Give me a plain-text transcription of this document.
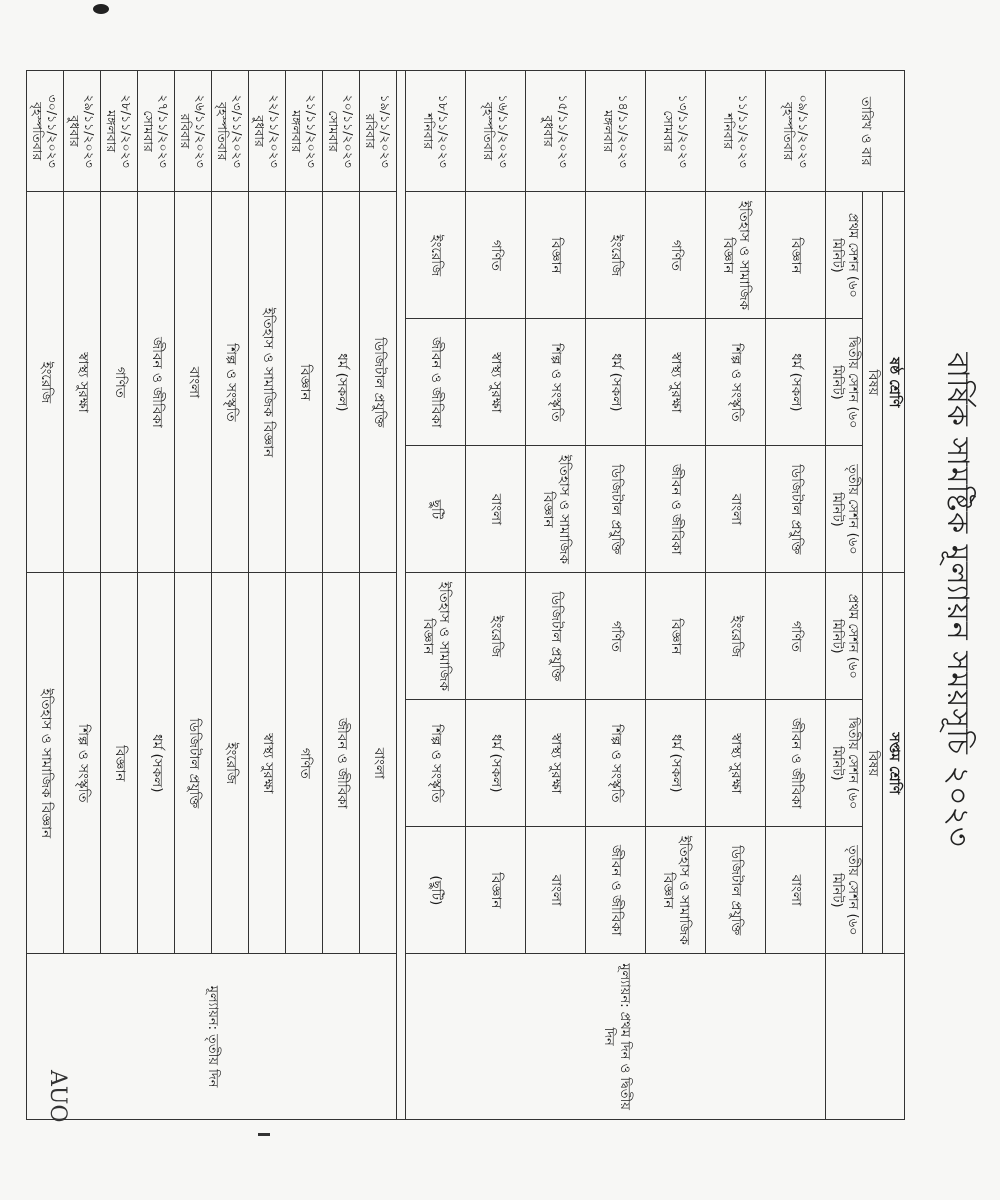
বার্ষিক সামষ্টিক মূল্যায়ন সময়সূচি ২০২৩
তারিখ ও বার	ষষ্ঠ শ্রেণি			সপ্তম শ্রেণি			
	বিষয়			বিষয়			
	প্রথম সেশন (৬০ মিনিট)	দ্বিতীয় সেশন (৬০ মিনিট)	তৃতীয় সেশন (৬০ মিনিট)	প্রথম সেশন (৬০ মিনিট)	দ্বিতীয় সেশন (৬০ মিনিট)	তৃতীয় সেশন (৬০ মিনিট)	

০৯/১১/২০২৩
বৃহস্পতিবার	বিজ্ঞান	ধর্ম (সকল)	ডিজিটাল প্রযুক্তি	গণিত	জীবন ও জীবিকা	বাংলা	মূল্যায়ন: প্রথম দিন ও দ্বিতীয় দিন

১১/১১/২০২৩
শনিবার	ইতিহাস ও সামাজিক বিজ্ঞান	শিল্প ও সংস্কৃতি	বাংলা	ইংরেজি	স্বাস্থ্য সুরক্ষা	ডিজিটাল প্রযুক্তি	

১৩/১১/২০২৩
সোমবার	গণিত	স্বাস্থ্য সুরক্ষা	জীবন ও জীবিকা	বিজ্ঞান	ধর্ম (সকল)	ইতিহাস ও সামাজিক বিজ্ঞান	

১৪/১১/২০২৩
মঙ্গলবার	ইংরেজি	ধর্ম (সকল)	ডিজিটাল প্রযুক্তি	গণিত	শিল্প ও সংস্কৃতি	জীবন ও জীবিকা	

১৫/১১/২০২৩
বুধবার	বিজ্ঞান	শিল্প ও সংস্কৃতি	ইতিহাস ও সামাজিক বিজ্ঞান	ডিজিটাল প্রযুক্তি	স্বাস্থ্য সুরক্ষা	বাংলা	

১৬/১১/২০২৩
বৃহস্পতিবার	গণিত	স্বাস্থ্য সুরক্ষা	বাংলা	ইংরেজি	ধর্ম (সকল)	বিজ্ঞান	

১৮/১১/২০২৩
শনিবার	ইংরেজি	জীবন ও জীবিকা	ছুটি	ইতিহাস ও সামাজিক বিজ্ঞান	শিল্প ও সংস্কৃতি	(ছুটি)	

১৯/১১/২০২৩
রবিবার	ডিজিটাল প্রযুক্তি			বাংলা			মূল্যায়ন: তৃতীয় দিন

২০/১১/২০২৩
সোমবার	ধর্ম (সকল)			জীবন ও জীবিকা			

২১/১১/২০২৩
মঙ্গলবার	বিজ্ঞান			গণিত			

২২/১১/২০২৩
বুধবার	ইতিহাস ও সামাজিক বিজ্ঞান			স্বাস্থ্য সুরক্ষা			

২৩/১১/২০২৩
বৃহস্পতিবার	শিল্প ও সংস্কৃতি			ইংরেজি			

২৬/১১/২০২৩
রবিবার	বাংলা			ডিজিটাল প্রযুক্তি			

২৭/১১/২০২৩
সোমবার	জীবন ও জীবিকা			ধর্ম (সকল)			

২৮/১১/২০২৩
মঙ্গলবার	গণিত			বিজ্ঞান			

২৯/১১/২০২৩
বুধবার	স্বাস্থ্য সুরক্ষা			শিল্প ও সংস্কৃতি			

৩০/১১/২০২৩
বৃহস্পতিবার	ইংরেজি			ইতিহাস ও সামাজিক বিজ্ঞান			
AUO
